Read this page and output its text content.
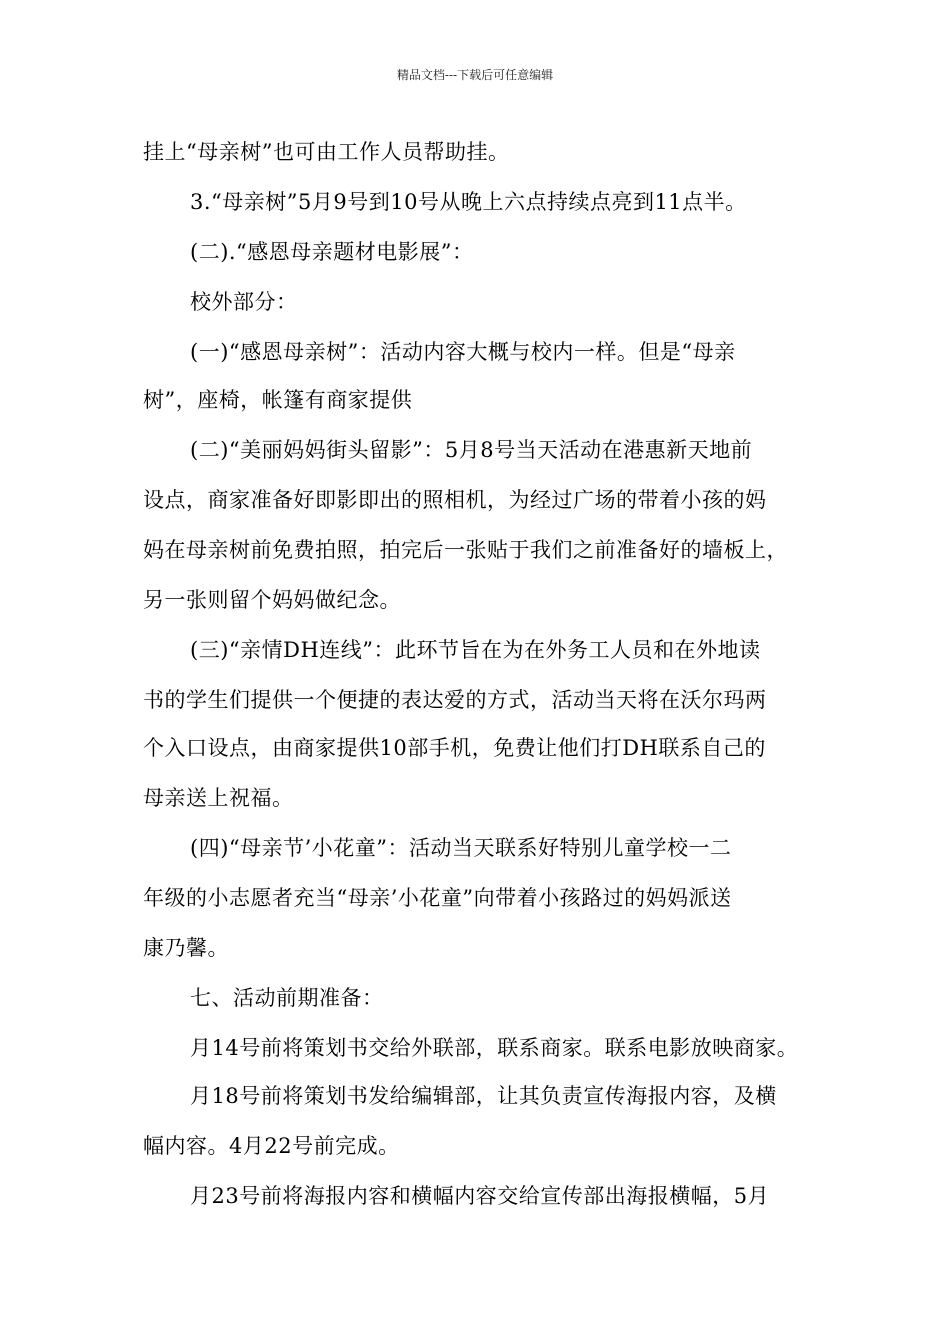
精品文档---下载后可任意编辑
挂上“母亲树”也可由工作人员帮助挂。
3.“母亲树”5月9号到10号从晚上六点持续点亮到11点半。
(二).“感恩母亲题材电影展”：
校外部分：
(一)“感恩母亲树”：活动内容大概与校内一样。但是“母亲
树”，座椅，帐篷有商家提供
(二)“美丽妈妈街头留影”：5月8号当天活动在港惠新天地前
设点，商家准备好即影即出的照相机，为经过广场的带着小孩的妈
妈在母亲树前免费拍照，拍完后一张贴于我们之前准备好的墙板上，
另一张则留个妈妈做纪念。
(三)“亲情DH连线”：此环节旨在为在外务工人员和在外地读
书的学生们提供一个便捷的表达爱的方式，活动当天将在沃尔玛两
个入口设点，由商家提供10部手机，免费让他们打DH联系自己的
母亲送上祝福。
(四)“母亲节’小花童”：活动当天联系好特别儿童学校一二
年级的小志愿者充当“母亲’小花童”向带着小孩路过的妈妈派送
康乃馨。
七、活动前期准备：
月14号前将策划书交给外联部，联系商家。联系电影放映商家。
月18号前将策划书发给编辑部，让其负责宣传海报内容，及横
幅内容。4月22号前完成。
月23号前将海报内容和横幅内容交给宣传部出海报横幅，5月
